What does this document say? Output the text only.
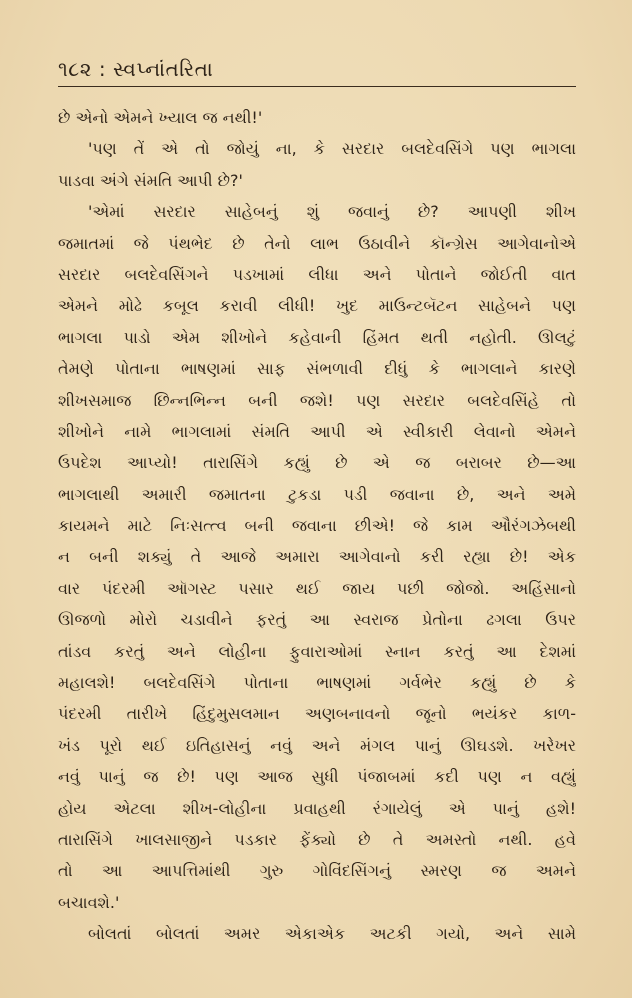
૧૮૨ : સ્વપ્નાંતરિતા
છે એનો એમને ખ્યાલ જ નથી!'
'પણ તેં એ તો જોયું ના, કે સરદાર બલદેવસિંગે પણ ભાગલા
પાડવા અંગે સંમતિ આપી છે?'
'એમાં સરદાર સાહેબનું શું જવાનું છે? આપણી શીખ
જમાતમાં જે પંથભેદ છે તેનો લાભ ઉઠાવીને કૉન્ગ્રેસ આગેવાનોએ
સરદાર બલદેવસિંગને પડખામાં લીધા અને પોતાને જોઈતી વાત
એમને મોઢે કબૂલ કરાવી લીધી! ખુદ માઉન્ટબૅટન સાહેબને પણ
ભાગલા પાડો એમ શીખોને કહેવાની હિંમત થતી નહોતી. ઊલટું
તેમણે પોતાના ભાષણમાં સાફ સંભળાવી દીધું કે ભાગલાને કારણે
શીખસમાજ છિન્નભિન્ન બની જશે! પણ સરદાર બલદેવસિંહે તો
શીખોને નામે ભાગલામાં સંમતિ આપી એ સ્વીકારી લેવાનો એમને
ઉપદેશ આપ્યો! તારાસિંગે કહ્યું છે એ જ બરાબર છે—આ
ભાગલાથી અમારી જમાતના ટુકડા પડી જવાના છે, અને અમે
કાયમને માટે નિઃસત્ત્વ બની જવાના છીએ! જે કામ ઔરંગઝેબથી
ન બની શક્યું તે આજે અમારા આગેવાનો કરી રહ્યા છે! એક
વાર પંદરમી ઑગસ્ટ પસાર થઈ જાય પછી જોજો. અહિંસાનો
ઊજળો મોરો ચડાવીને ફરતું આ સ્વરાજ પ્રેતોના ઢગલા ઉપર
તાંડવ કરતું અને લોહીના ફુવારાઓમાં સ્નાન કરતું આ દેશમાં
મહાલશે! બલદેવસિંગે પોતાના ભાષણમાં ગર્વભેર કહ્યું છે કે
પંદરમી તારીખે હિંદુમુસલમાન અણબનાવનો જૂનો ભયંકર કાળ-
ખંડ પૂરો થઈ ઇતિહાસનું નવું અને મંગલ પાનું ઊઘડશે. ખરેખર
નવું પાનું જ છે! પણ આજ સુધી પંજાબમાં કદી પણ ન વહ્યું
હોય એટલા શીખ-લોહીના પ્રવાહથી રંગાયેલું એ પાનું હશે!
તારાસિંગે ખાલસાજીને પડકાર ફેંક્યો છે તે અમસ્તો નથી. હવે
તો આ આપત્તિમાંથી ગુરુ ગોવિંદસિંગનું સ્મરણ જ અમને
બચાવશે.'
બોલતાં બોલતાં અમર એકાએક અટકી ગયો, અને સામે
